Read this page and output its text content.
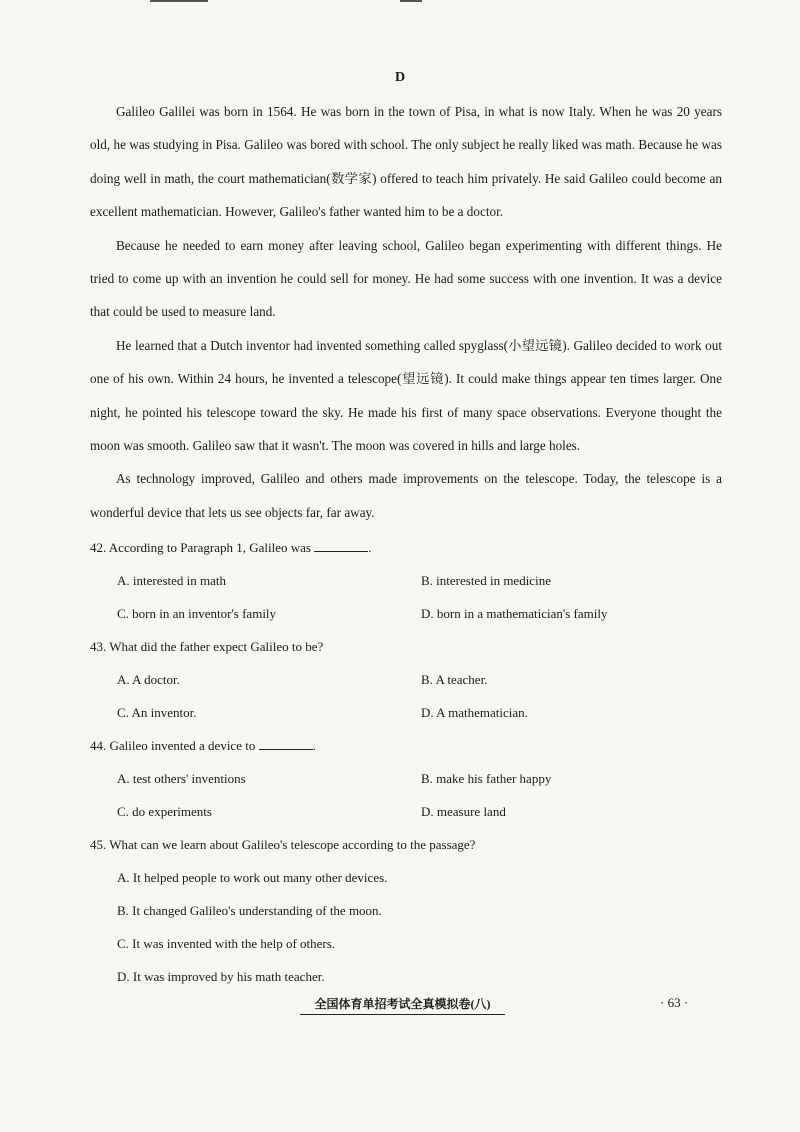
D

Galileo Galilei was born in 1564. He was born in the town of Pisa, in what is now Italy. When he was 20 years old, he was studying in Pisa. Galileo was bored with school. The only subject he really liked was math. Because he was doing well in math, the court mathematician(数学家) offered to teach him privately. He said Galileo could become an excellent mathematician. However, Galileo's father wanted him to be a doctor.

Because he needed to earn money after leaving school, Galileo began experimenting with different things. He tried to come up with an invention he could sell for money. He had some success with one invention. It was a device that could be used to measure land.

He learned that a Dutch inventor had invented something called spyglass(小望远镜). Galileo decided to work out one of his own. Within 24 hours, he invented a telescope(望远镜). It could make things appear ten times larger. One night, he pointed his telescope toward the sky. He made his first of many space observations. Everyone thought the moon was smooth. Galileo saw that it wasn't. The moon was covered in hills and large holes.

As technology improved, Galileo and others made improvements on the telescope. Today, the telescope is a wonderful device that lets us see objects far, far away.

42. According to Paragraph 1, Galileo was	.
A. interested in math	B. interested in medicine
C. born in an inventor's family	D. born in a mathematician's family
43. What did the father expect Galileo to be?
A. A doctor.	B. A teacher.
C. An inventor.	D. A mathematician.
44. Galileo invented a device to	.
A. test others' inventions	B. make his father happy
C. do experiments	D. measure land
45. What can we learn about Galileo's telescope according to the passage?
A. It helped people to work out many other devices.
B. It changed Galileo's understanding of the moon.
C. It was invented with the help of others.
D. It was improved by his math teacher.
全国体育单招考试全真模拟卷(八)	· 63 ·
